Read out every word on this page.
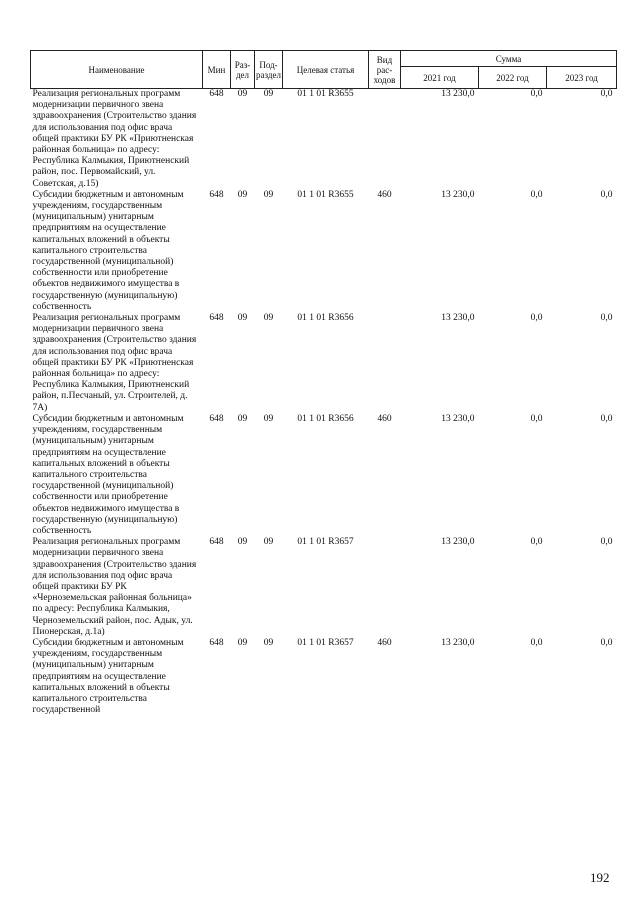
Наименование	Мин	Раз-дел	Под-раздел	Целевая статья	Вид рас-ходов	Сумма		
						2021 год	2022 год	2023 год
Реализация региональных программ модернизации первичного звена здравоохранения (Строительство здания для использования под офис врача общей практики БУ РК «Приютненская районная больница» по адресу: Республика Калмыкия, Приютненский район, пос. Первомайский, ул. Советская, д.15)	648	09	09	01 1 01 R3655		13 230,0	0,0	0,0
Субсидии бюджетным и автономным учреждениям, государственным (муниципальным) унитарным предприятиям на осуществление капитальных вложений в объекты капитального строительства государственной (муниципальной) собственности или приобретение объектов недвижимого имущества в государственную (муниципальную) собственность	648	09	09	01 1 01 R3655	460	13 230,0	0,0	0,0
Реализация региональных программ модернизации первичного звена здравоохранения (Строительство здания для использования под офис врача общей практики БУ РК «Приютненская районная больница» по адресу: Республика Калмыкия, Приютненский район, п.Песчаный, ул. Строителей, д. 7А)	648	09	09	01 1 01 R3656		13 230,0	0,0	0,0
Субсидии бюджетным и автономным учреждениям, государственным (муниципальным) унитарным предприятиям на осуществление капитальных вложений в объекты капитального строительства государственной (муниципальной) собственности или приобретение объектов недвижимого имущества в государственную (муниципальную) собственность	648	09	09	01 1 01 R3656	460	13 230,0	0,0	0,0
Реализация региональных программ модернизации первичного звена здравоохранения (Строительство здания для использования под офис врача общей практики БУ РК «Черноземельская районная больница» по адресу: Республика Калмыкия, Черноземельский район, пос. Адык, ул. Пионерская, д.1а)	648	09	09	01 1 01 R3657		13 230,0	0,0	0,0
Субсидии бюджетным и автономным учреждениям, государственным (муниципальным) унитарным предприятиям на осуществление капитальных вложений в объекты капитального строительства государственной	648	09	09	01 1 01 R3657	460	13 230,0	0,0	0,0
192
